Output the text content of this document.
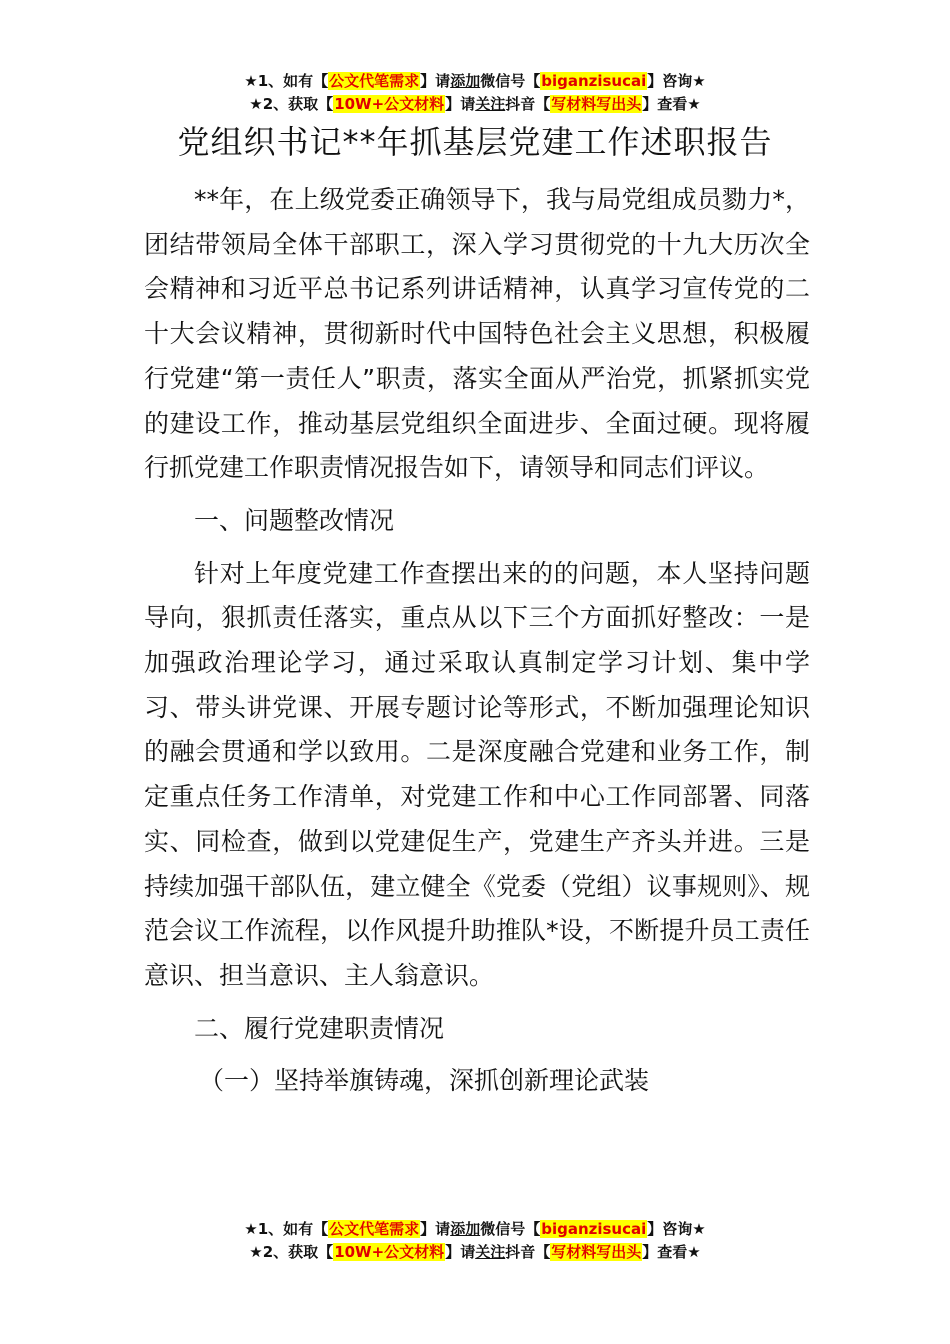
★1、如有【公文代笔需求】请添加微信号【biganzisucai】咨询★
★2、获取【10W+公文材料】请关注抖音【写材料写出头】查看★
党组织书记**年抓基层党建工作述职报告

**年，在上级党委正确领导下，我与局党组成员勠力*，团结带领局全体干部职工，深入学习贯彻党的十九大历次全会精神和习近平总书记系列讲话精神，认真学习宣传党的二十大会议精神，贯彻新时代中国特色社会主义思想，积极履行党建“第一责任人”职责，落实全面从严治党，抓紧抓实党的建设工作，推动基层党组织全面进步、全面过硬。现将履行抓党建工作职责情况报告如下，请领导和同志们评议。

一、问题整改情况

针对上年度党建工作查摆出来的的问题，本人坚持问题导向，狠抓责任落实，重点从以下三个方面抓好整改：一是加强政治理论学习，通过采取认真制定学习计划、集中学习、带头讲党课、开展专题讨论等形式，不断加强理论知识的融会贯通和学以致用。二是深度融合党建和业务工作，制定重点任务工作清单，对党建工作和中心工作同部署、同落实、同检查，做到以党建促生产，党建生产齐头并进。三是持续加强干部队伍，建立健全《党委（党组）议事规则》、规范会议工作流程，以作风提升助推队*设，不断提升员工责任意识、担当意识、主人翁意识。

二、履行党建职责情况

（一）坚持举旗铸魂，深抓创新理论武装

★1、如有【公文代笔需求】请添加微信号【biganzisucai】咨询★
★2、获取【10W+公文材料】请关注抖音【写材料写出头】查看★
